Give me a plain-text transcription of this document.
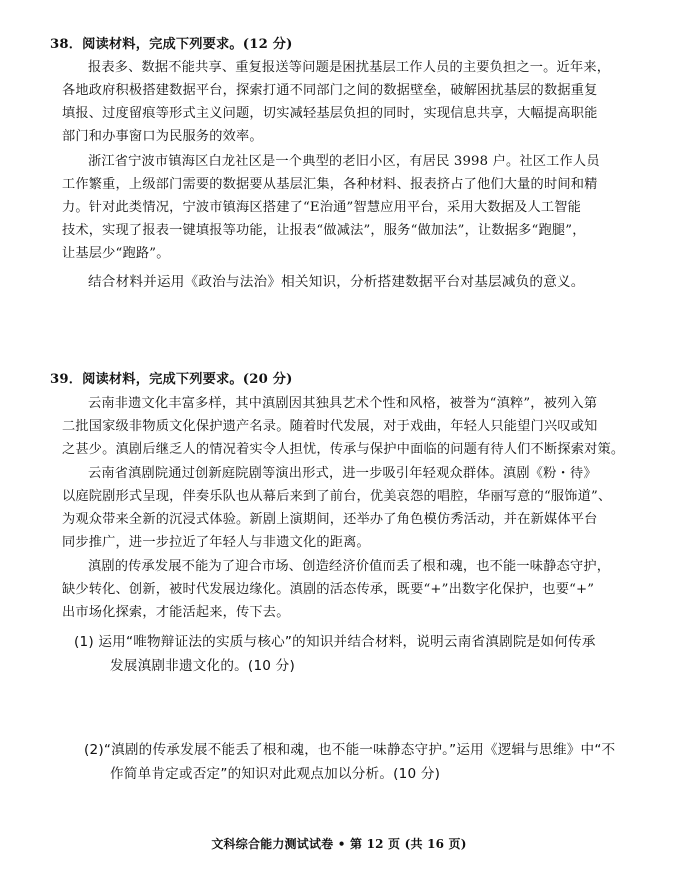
38．阅读材料，完成下列要求。(12 分)
报表多、数据不能共享、重复报送等问题是困扰基层工作人员的主要负担之一。近年来，
各地政府积极搭建数据平台，探索打通不同部门之间的数据壁垒，破解困扰基层的数据重复
填报、过度留痕等形式主义问题，切实减轻基层负担的同时，实现信息共享，大幅提高职能
部门和办事窗口为民服务的效率。
浙江省宁波市镇海区白龙社区是一个典型的老旧小区，有居民 3998 户。社区工作人员
工作繁重，上级部门需要的数据要从基层汇集，各种材料、报表挤占了他们大量的时间和精
力。针对此类情况，宁波市镇海区搭建了“E治通”智慧应用平台，采用大数据及人工智能
技术，实现了报表一键填报等功能，让报表“做减法”，服务“做加法”，让数据多“跑腿”，
让基层少“跑路”。
结合材料并运用《政治与法治》相关知识，分析搭建数据平台对基层减负的意义。
39．阅读材料，完成下列要求。(20 分)
云南非遗文化丰富多样，其中滇剧因其独具艺术个性和风格，被誉为“滇粹”，被列入第
二批国家级非物质文化保护遗产名录。随着时代发展，对于戏曲，年轻人只能望门兴叹或知
之甚少。滇剧后继乏人的情况着实令人担忧，传承与保护中面临的问题有待人们不断探索对策。
云南省滇剧院通过创新庭院剧等演出形式，进一步吸引年轻观众群体。滇剧《粉・待》
以庭院剧形式呈现，伴奏乐队也从幕后来到了前台，优美哀怨的唱腔，华丽写意的“服饰道”、
为观众带来全新的沉浸式体验。新剧上演期间，还举办了角色模仿秀活动，并在新媒体平台
同步推广，进一步拉近了年轻人与非遗文化的距离。
滇剧的传承发展不能为了迎合市场、创造经济价值而丢了根和魂，也不能一味静态守护，
缺少转化、创新，被时代发展边缘化。滇剧的活态传承，既要“+”出数字化保护，也要“+”
出市场化探索，才能活起来，传下去。
(1) 运用“唯物辩证法的实质与核心”的知识并结合材料，说明云南省滇剧院是如何传承
发展滇剧非遗文化的。(10 分)
(2)“滇剧的传承发展不能丢了根和魂，也不能一味静态守护。”运用《逻辑与思维》中“不
作简单肯定或否定”的知识对此观点加以分析。(10 分)
文科综合能力测试试卷 • 第 12 页 (共 16 页)
